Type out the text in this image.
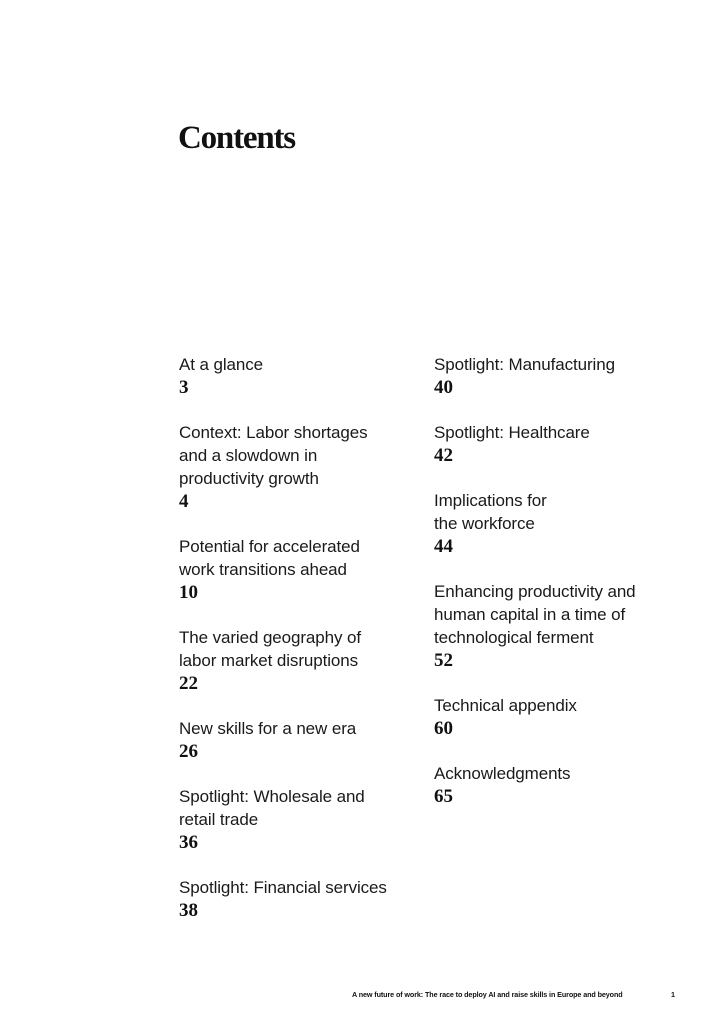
Contents
At a glance
3
Context: Labor shortages
and a slowdown in
productivity growth
4
Potential for accelerated
work transitions ahead
10
The varied geography of
labor market disruptions
22
New skills for a new era
26
Spotlight: Wholesale and
retail trade
36
Spotlight: Financial services
38
Spotlight: Manufacturing
40
Spotlight: Healthcare
42
Implications for
the workforce
44
Enhancing productivity and
human capital in a time of
technological ferment
52
Technical appendix
60
Acknowledgments
65
A new future of work: The race to deploy AI and raise skills in Europe and beyond	1
